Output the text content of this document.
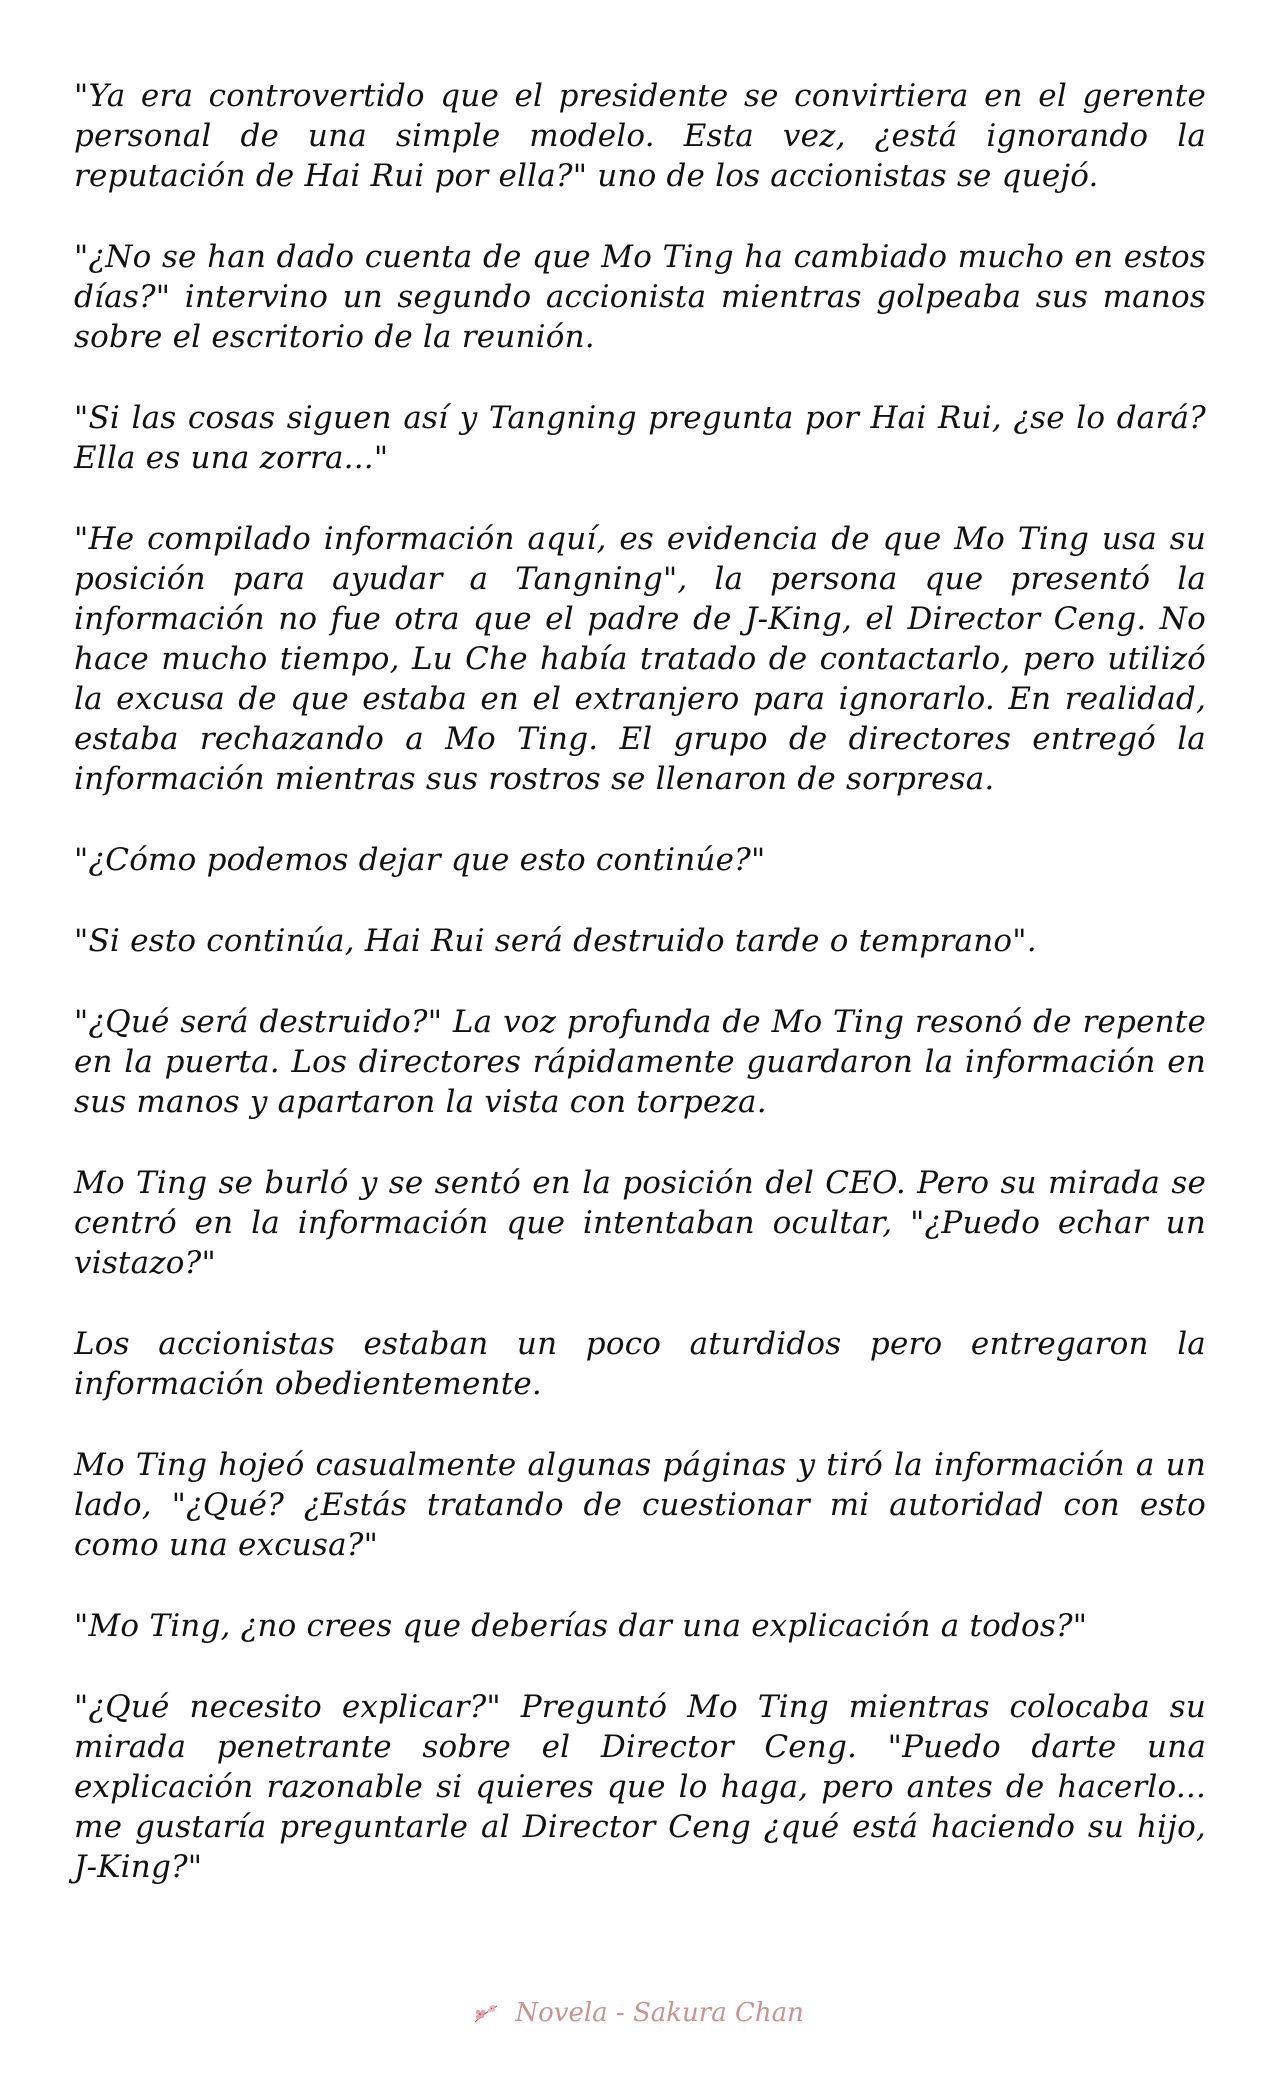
"Ya era controvertido que el presidente se convirtiera en el gerente personal de una simple modelo. Esta vez, ¿está ignorando la reputación de Hai Rui por ella?" uno de los accionistas se quejó.

"¿No se han dado cuenta de que Mo Ting ha cambiado mucho en estos días?" intervino un segundo accionista mientras golpeaba sus manos sobre el escritorio de la reunión.

"Si las cosas siguen así y Tangning pregunta por Hai Rui, ¿se lo dará? Ella es una zorra..."

"He compilado información aquí, es evidencia de que Mo Ting usa su posición para ayudar a Tangning", la persona que presentó la información no fue otra que el padre de J-King, el Director Ceng. No hace mucho tiempo, Lu Che había tratado de contactarlo, pero utilizó la excusa de que estaba en el extranjero para ignorarlo. En realidad, estaba rechazando a Mo Ting. El grupo de directores entregó la información mientras sus rostros se llenaron de sorpresa.

"¿Cómo podemos dejar que esto continúe?"

"Si esto continúa, Hai Rui será destruido tarde o temprano".

"¿Qué será destruido?" La voz profunda de Mo Ting resonó de repente en la puerta. Los directores rápidamente guardaron la información en sus manos y apartaron la vista con torpeza.

Mo Ting se burló y se sentó en la posición del CEO. Pero su mirada se centró en la información que intentaban ocultar, "¿Puedo echar un vistazo?"

Los accionistas estaban un poco aturdidos pero entregaron la información obedientemente.

Mo Ting hojeó casualmente algunas páginas y tiró la información a un lado, "¿Qué? ¿Estás tratando de cuestionar mi autoridad con esto como una excusa?"

"Mo Ting, ¿no crees que deberías dar una explicación a todos?"

"¿Qué necesito explicar?" Preguntó Mo Ting mientras colocaba su mirada penetrante sobre el Director Ceng. "Puedo darte una explicación razonable si quieres que lo haga, pero antes de hacerlo... me gustaría preguntarle al Director Ceng ¿qué está haciendo su hijo, J-King?"

Novela - Sakura Chan
